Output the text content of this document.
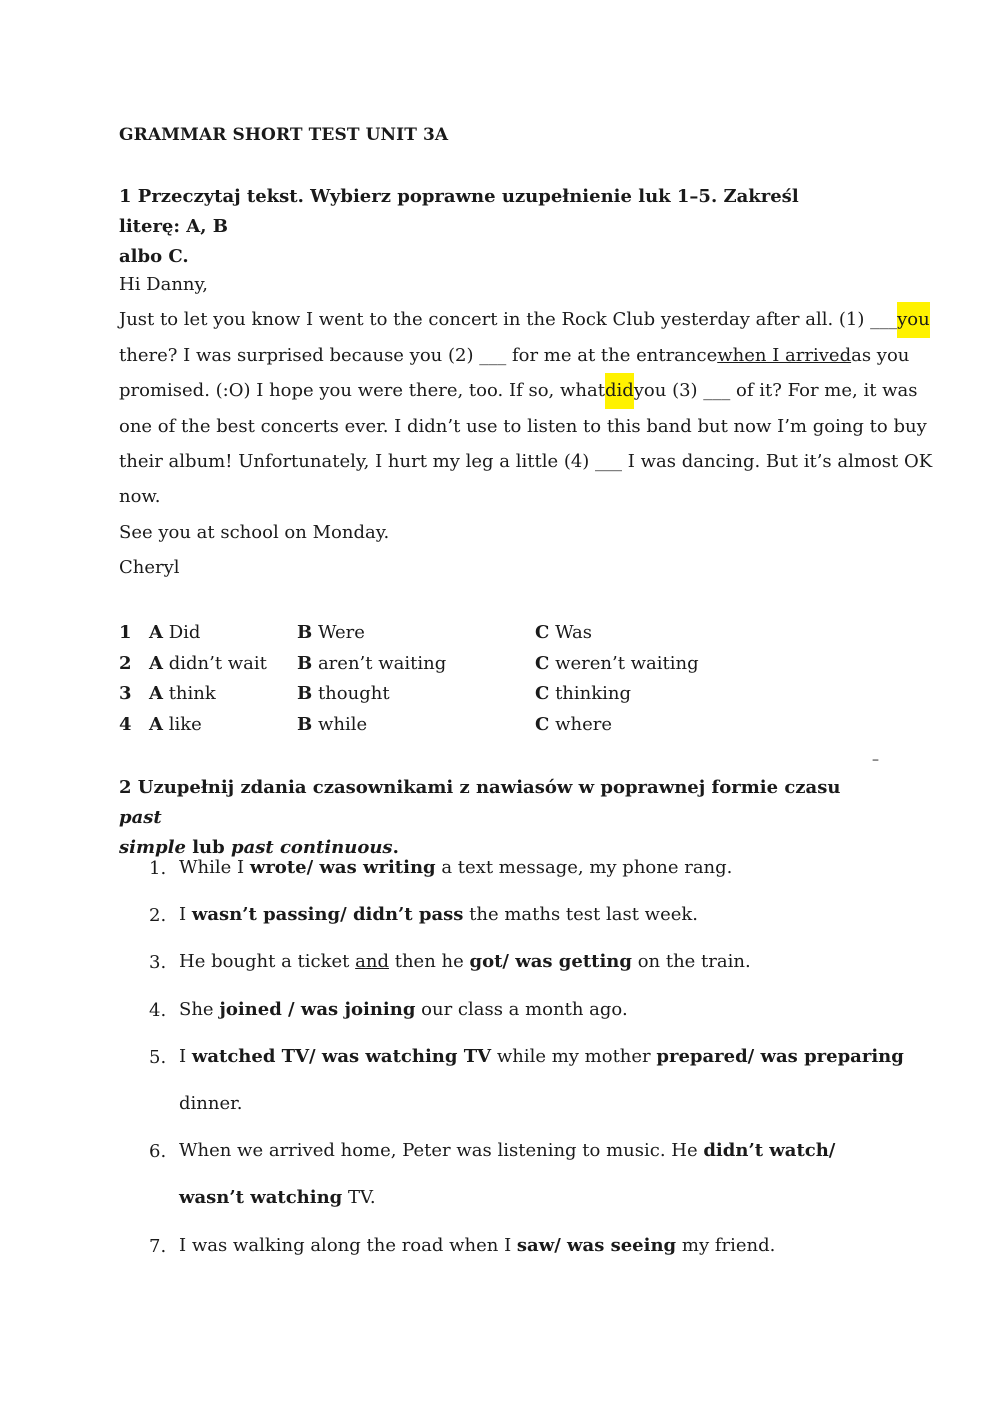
GRAMMAR SHORT TEST UNIT 3A
1 Przeczytaj tekst. Wybierz poprawne uzupełnienie luk 1–5. Zakreśl literę: A, B
albo C.
Hi Danny,
Just to let you know I went to the concert in the Rock Club yesterday after all. (1) ___ you
there? I was surprised because you (2) ___ for me at the entrance when I arrived as you
promised. (:O) I hope you were there, too. If so, what did you (3) ___ of it? For me, it was
one of the best concerts ever. I didn’t use to listen to this band but now I’m going to buy
their album! Unfortunately, I hurt my leg a little (4) ___ I was dancing. But it’s almost OK
now.
See you at school on Monday.
Cheryl
1 A Did	B Were	C Was
2 A didn’t wait B aren’t waiting	C weren’t waiting
3 A think	B thought	C thinking
4 A like	B while	C where
–
2 Uzupełnij zdania czasownikami z nawiasów w poprawnej formie czasu past
simple lub past continuous.
1. While I wrote/ was writing a text message, my phone rang.
2. I wasn’t passing/ didn’t pass the maths test last week.
3. He bought a ticket and then he got/ was getting on the train.
4. She joined / was joining our class a month ago.
5. I watched TV/ was watching TV while my mother prepared/ was preparing
dinner.
6. When we arrived home, Peter was listening to music. He didn’t watch/
wasn’t watching TV.
7. I was walking along the road when I saw/ was seeing my friend.
